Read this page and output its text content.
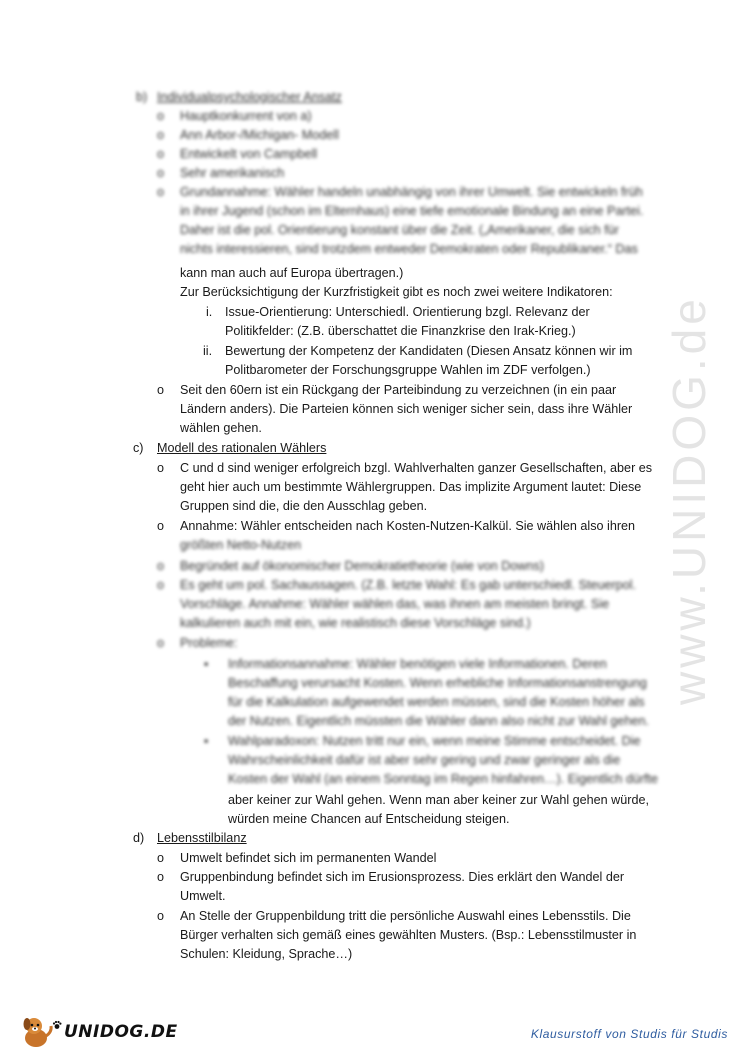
b) Individualpsychologischer Ansatz
o Hauptkonkurrent von a)
o Ann Arbor-/Michigan- Modell
o Entwickelt von Campbell
o Sehr amerikanisch
o Grundannahme: Wähler handeln unabhängig von ihrer Umwelt. Sie entwickeln früh
in ihrer Jugend (schon im Elternhaus) eine tiefe emotionale Bindung an eine Partei.
Daher ist die pol. Orientierung konstant über die Zeit. („Amerikaner, die sich für
nichts interessieren, sind trotzdem entweder Demokraten oder Republikaner.“ Das
kann man auch auf Europa übertragen.)
Zur Berücksichtigung der Kurzfristigkeit gibt es noch zwei weitere Indikatoren:
i. Issue-Orientierung: Unterschiedl. Orientierung bzgl. Relevanz der
Politikfelder: (Z.B. überschattet die Finanzkrise den Irak-Krieg.)
ii. Bewertung der Kompetenz der Kandidaten (Diesen Ansatz können wir im
Politbarometer der Forschungsgruppe Wahlen im ZDF verfolgen.)
o Seit den 60ern ist ein Rückgang der Parteibindung zu verzeichnen (in ein paar
Ländern anders). Die Parteien können sich weniger sicher sein, dass ihre Wähler
wählen gehen.
c) Modell des rationalen Wählers
o C und d sind weniger erfolgreich bzgl. Wahlverhalten ganzer Gesellschaften, aber es
geht hier auch um bestimmte Wählergruppen. Das implizite Argument lautet: Diese
Gruppen sind die, die den Ausschlag geben.
o Annahme: Wähler entscheiden nach Kosten-Nutzen-Kalkül. Sie wählen also ihren
größten Netto-Nutzen
o Begründet auf ökonomischer Demokratietheorie (wie von Downs)
o Es geht um pol. Sachaussagen. (Z.B. letzte Wahl: Es gab unterschiedl. Steuerpol.
Vorschläge. Annahme: Wähler wählen das, was ihnen am meisten bringt. Sie
kalkulieren auch mit ein, wie realistisch diese Vorschläge sind.)
o Probleme:
▪ Informationsannahme: Wähler benötigen viele Informationen. Deren
Beschaffung verursacht Kosten. Wenn erhebliche Informationsanstrengung
für die Kalkulation aufgewendet werden müssen, sind die Kosten höher als
der Nutzen. Eigentlich müssten die Wähler dann also nicht zur Wahl gehen.
▪ Wahlparadoxon: Nutzen tritt nur ein, wenn meine Stimme entscheidet. Die
Wahrscheinlichkeit dafür ist aber sehr gering und zwar geringer als die
Kosten der Wahl (an einem Sonntag im Regen hinfahren…). Eigentlich dürfte
aber keiner zur Wahl gehen. Wenn man aber keiner zur Wahl gehen würde,
würden meine Chancen auf Entscheidung steigen.
d) Lebensstilbilanz
o Umwelt befindet sich im permanenten Wandel
o Gruppenbindung befindet sich im Erusionsprozess. Dies erklärt den Wandel der
Umwelt.
o An Stelle der Gruppenbildung tritt die persönliche Auswahl eines Lebensstils. Die
Bürger verhalten sich gemäß eines gewählten Musters. (Bsp.: Lebensstilmuster in
Schulen: Kleidung, Sprache…)
www.UNIDOG.de
UNIDOG.DE	Klausurstoff von Studis für Studis
